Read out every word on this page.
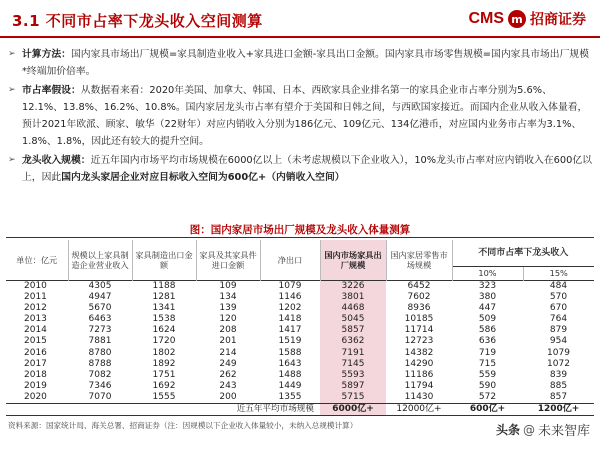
3.1 不同市占率下龙头收入空间测算	CMS m 招商证券
➢ 计算方法：国内家具市场出厂规模=家具制造业收入+家具进口金额-家具出口金额。国内家具市场零售规模=国内家具市场出厂规模*终端加价倍率。
➢ 市占率假设：从数据看来看：2020年美国、加拿大、韩国、日本、西欧家具企业排名第一的家具企业市占率分别为5.6%、12.1%、13.8%、16.2%、10.8%。国内家居龙头市占率有望介于美国和日韩之间，与西欧国家接近。而国内企业从收入体量看，预计2021年欧派、顾家、敏华（22财年）对应内销收入分别为186亿元、109亿元、134亿港币，对应国内业务市占率为3.1%、1.8%、1.8%，因此还有较大的提升空间。
➢ 龙头收入规模：近五年国内市场平均市场规模在6000亿以上（未考虑规模以下企业收入），10%龙头市占率对应内销收入在600亿以上，因此国内龙头家居企业对应目标收入空间为600亿+（内销收入空间）
图：国内家居市场出厂规模及龙头收入体量测算
单位：亿元	规模以上家具制造企业营业收入	家具制造出口金额	家具及其家具件进口金额	净出口	国内市场家具出厂规模	国内家居零售市场规模	不同市占率下龙头收入	
							10%	15%
2010	4305	1188	109	1079	3226	6452	323	484
2011	4947	1281	134	1146	3801	7602	380	570
2012	5670	1341	139	1202	4468	8936	447	670
2013	6463	1538	120	1418	5045	10185	509	764
2014	7273	1624	208	1417	5857	11714	586	879
2015	7881	1720	201	1519	6362	12723	636	954
2016	8780	1802	214	1588	7191	14382	719	1079
2017	8788	1892	249	1643	7145	14290	715	1072
2018	7082	1751	262	1488	5593	11186	559	839
2019	7346	1692	243	1449	5897	11794	590	885
2020	7070	1555	200	1355	5715	11430	572	857
近五年平均市场规模					6000亿+	12000亿+	600亿+	1200亿+
资料来源：国家统计局、海关总署、招商证券（注：因规模以下企业收入体量较小，未纳入总规模计算）	头条 @ 未来智库
